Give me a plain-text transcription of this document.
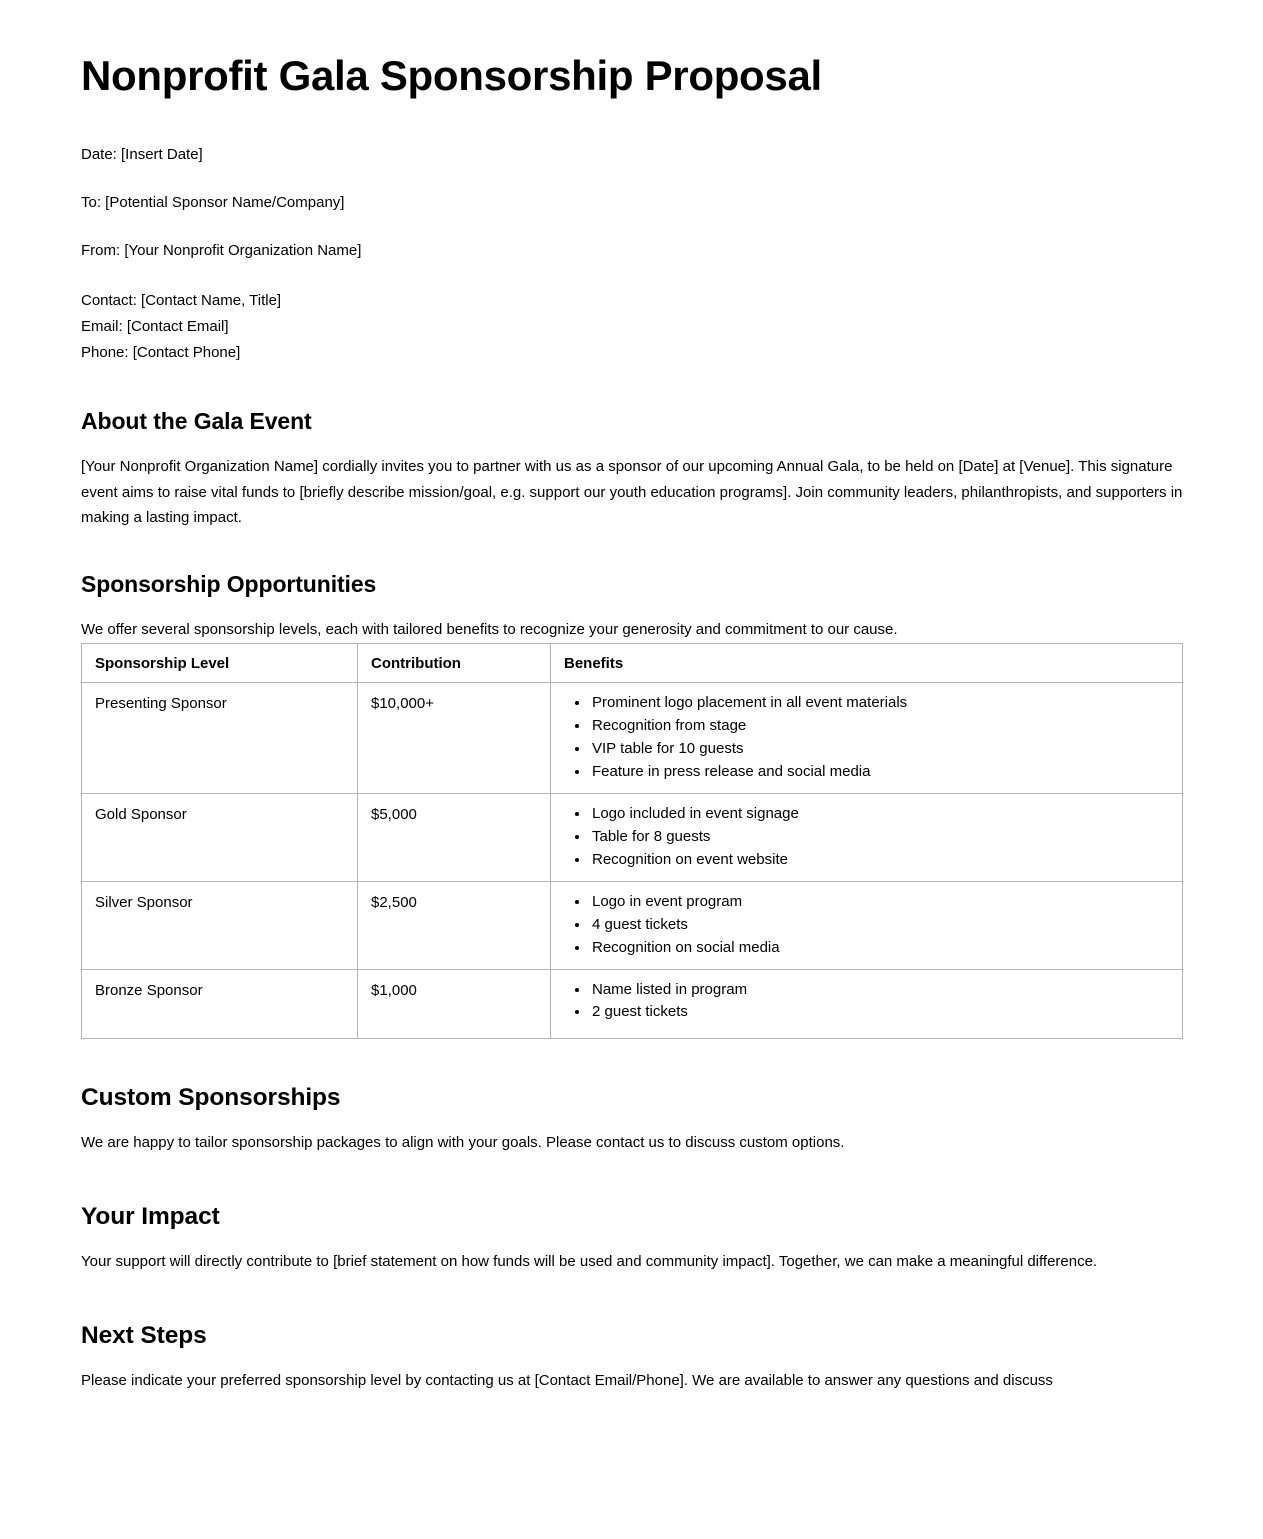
Nonprofit Gala Sponsorship Proposal

Date: [Insert Date]

To: [Potential Sponsor Name/Company]

From: [Your Nonprofit Organization Name]

Contact: [Contact Name, Title]
Email: [Contact Email]
Phone: [Contact Phone]
About the Gala Event

[Your Nonprofit Organization Name] cordially invites you to partner with us as a sponsor of our upcoming Annual Gala, to be held on [Date] at [Venue]. This signature event aims to raise vital funds to [briefly describe mission/goal, e.g. support our youth education programs]. Join community leaders, philanthropists, and supporters in making a lasting impact.

Sponsorship Opportunities

We offer several sponsorship levels, each with tailored benefits to recognize your generosity and commitment to our cause.

Sponsorship Level	Contribution	Benefits
Presenting Sponsor	$10,000+	
•Prominent logo placement in all event materials
• Recognition from stage
• VIP table for 10 guests
• Feature in press release and social media

Gold Sponsor	$5,000	
•Logo included in event signage
• Table for 8 guests
• Recognition on event website

Silver Sponsor	$2,500	
•Logo in event program
• 4 guest tickets
• Recognition on social media

Bronze Sponsor	$1,000	
•Name listed in program
• 2 guest tickets
Custom Sponsorships

We are happy to tailor sponsorship packages to align with your goals. Please contact us to discuss custom options.

Your Impact

Your support will directly contribute to [brief statement on how funds will be used and community impact]. Together, we can make a meaningful difference.

Next Steps

Please indicate your preferred sponsorship level by contacting us at [Contact Email/Phone]. We are available to answer any questions and discuss
